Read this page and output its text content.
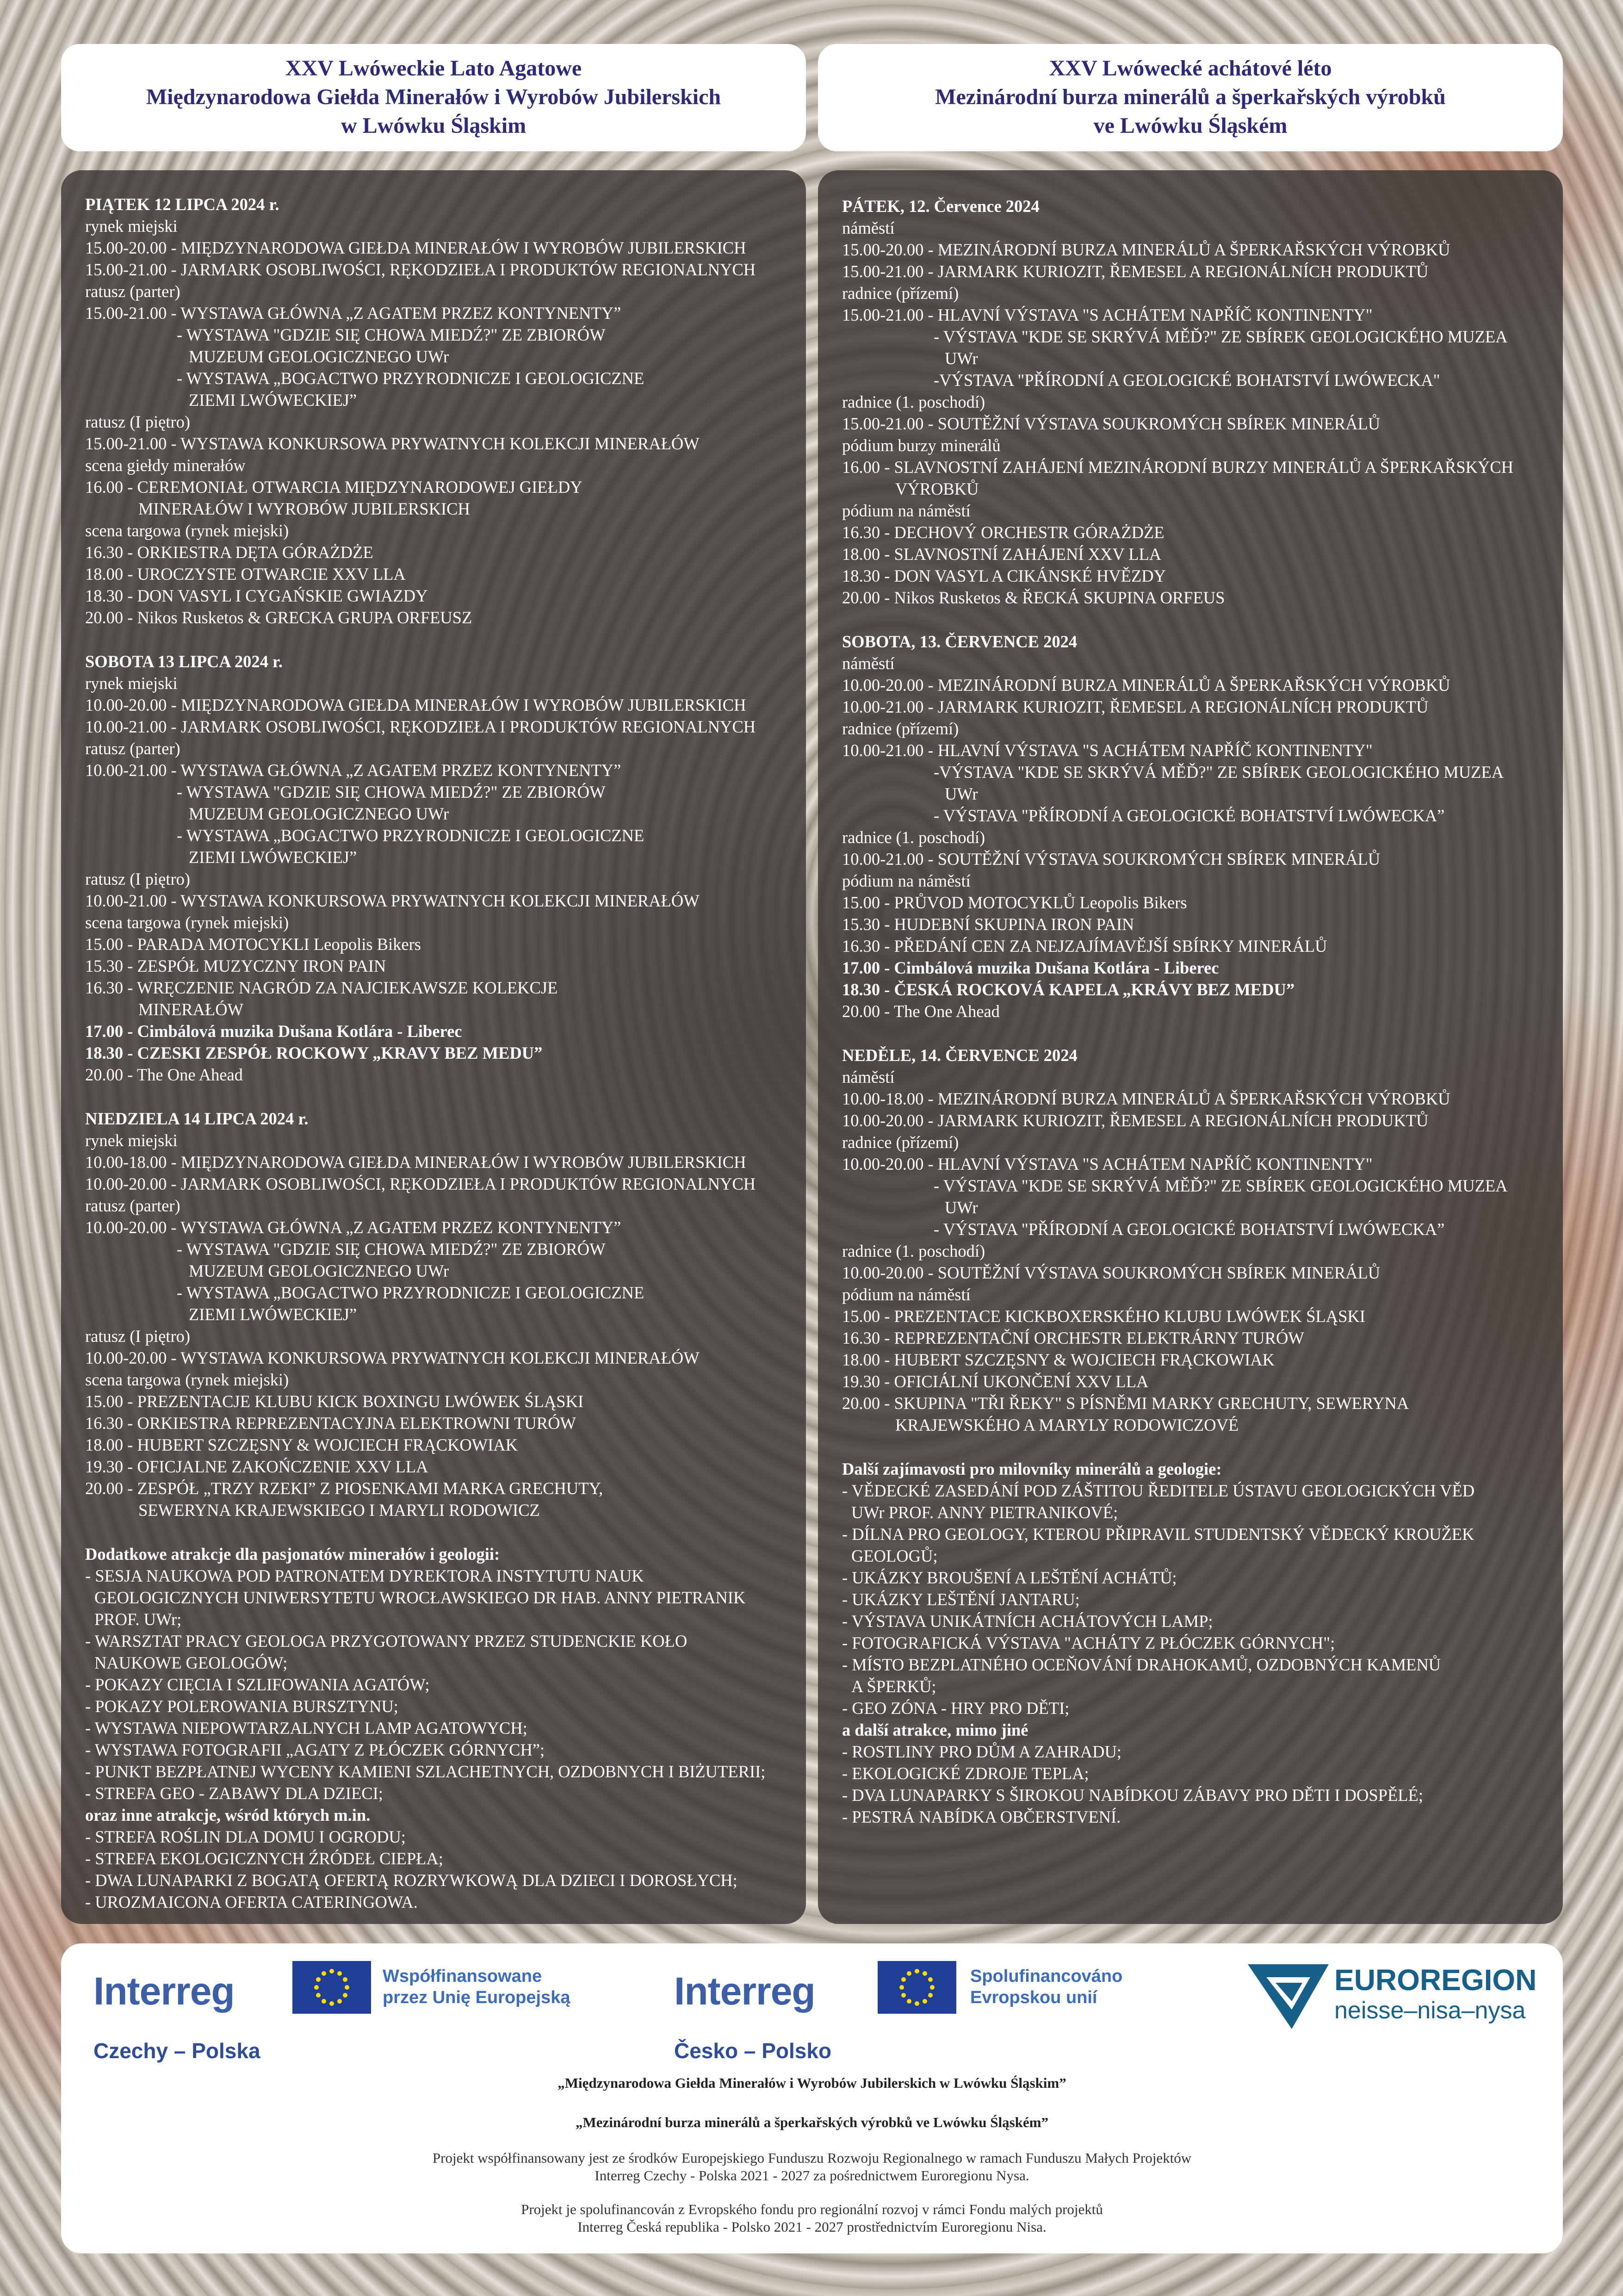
XXV Lwóweckie Lato Agatowe
Międzynarodowa Giełda Minerałów i Wyrobów Jubilerskich
w Lwówku Śląskim
XXV Lwówecké achátové léto
Mezinárodní burza minerálů a šperkařských výrobků
ve Lwówku Śląském
PIĄTEK 12 LIPCA 2024 r.
rynek miejski
15.00-20.00 - MIĘDZYNARODOWA GIEŁDA MINERAŁÓW I WYROBÓW JUBILERSKICH
15.00-21.00 - JARMARK OSOBLIWOŚCI, RĘKODZIEŁA I PRODUKTÓW REGIONALNYCH
ratusz (parter)
15.00-21.00 - WYSTAWA GŁÓWNA „Z AGATEM PRZEZ KONTYNENTY”
- WYSTAWA "GDZIE SIĘ CHOWA MIEDŹ?" ZE ZBIORÓW
MUZEUM GEOLOGICZNEGO UWr
- WYSTAWA „BOGACTWO PRZYRODNICZE I GEOLOGICZNE
ZIEMI LWÓWECKIEJ”
ratusz (I piętro)
15.00-21.00 - WYSTAWA KONKURSOWA PRYWATNYCH KOLEKCJI MINERAŁÓW
scena giełdy minerałów
16.00 - CEREMONIAŁ OTWARCIA MIĘDZYNARODOWEJ GIEŁDY
MINERAŁÓW I WYROBÓW JUBILERSKICH
scena targowa (rynek miejski)
16.30 - ORKIESTRA DĘTA GÓRAŻDŻE
18.00 - UROCZYSTE OTWARCIE XXV LLA
18.30 - DON VASYL I CYGAŃSKIE GWIAZDY
20.00 - Nikos Rusketos & GRECKA GRUPA ORFEUSZ
SOBOTA 13 LIPCA 2024 r.
rynek miejski
10.00-20.00 - MIĘDZYNARODOWA GIEŁDA MINERAŁÓW I WYROBÓW JUBILERSKICH
10.00-21.00 - JARMARK OSOBLIWOŚCI, RĘKODZIEŁA I PRODUKTÓW REGIONALNYCH
ratusz (parter)
10.00-21.00 - WYSTAWA GŁÓWNA „Z AGATEM PRZEZ KONTYNENTY”
- WYSTAWA "GDZIE SIĘ CHOWA MIEDŹ?" ZE ZBIORÓW
MUZEUM GEOLOGICZNEGO UWr
- WYSTAWA „BOGACTWO PRZYRODNICZE I GEOLOGICZNE
ZIEMI LWÓWECKIEJ”
ratusz (I piętro)
10.00-21.00 - WYSTAWA KONKURSOWA PRYWATNYCH KOLEKCJI MINERAŁÓW
scena targowa (rynek miejski)
15.00 - PARADA MOTOCYKLI Leopolis Bikers
15.30 - ZESPÓŁ MUZYCZNY IRON PAIN
16.30 - WRĘCZENIE NAGRÓD ZA NAJCIEKAWSZE KOLEKCJE
MINERAŁÓW
17.00 - Cimbálová muzika Dušana Kotlára - Liberec
18.30 - CZESKI ZESPÓŁ ROCKOWY „KRAVY BEZ MEDU”
20.00 - The One Ahead
NIEDZIELA 14 LIPCA 2024 r.
rynek miejski
10.00-18.00 - MIĘDZYNARODOWA GIEŁDA MINERAŁÓW I WYROBÓW JUBILERSKICH
10.00-20.00 - JARMARK OSOBLIWOŚCI, RĘKODZIEŁA I PRODUKTÓW REGIONALNYCH
ratusz (parter)
10.00-20.00 - WYSTAWA GŁÓWNA „Z AGATEM PRZEZ KONTYNENTY”
- WYSTAWA "GDZIE SIĘ CHOWA MIEDŹ?" ZE ZBIORÓW
MUZEUM GEOLOGICZNEGO UWr
- WYSTAWA „BOGACTWO PRZYRODNICZE I GEOLOGICZNE
ZIEMI LWÓWECKIEJ”
ratusz (I piętro)
10.00-20.00 - WYSTAWA KONKURSOWA PRYWATNYCH KOLEKCJI MINERAŁÓW
scena targowa (rynek miejski)
15.00 - PREZENTACJE KLUBU KICK BOXINGU LWÓWEK ŚLĄSKI
16.30 - ORKIESTRA REPREZENTACYJNA ELEKTROWNI TURÓW
18.00 - HUBERT SZCZĘSNY & WOJCIECH FRĄCKOWIAK
19.30 - OFICJALNE ZAKOŃCZENIE XXV LLA
20.00 - ZESPÓŁ „TRZY RZEKI” Z PIOSENKAMI MARKA GRECHUTY,
SEWERYNA KRAJEWSKIEGO I MARYLI RODOWICZ
Dodatkowe atrakcje dla pasjonatów minerałów i geologii:
- SESJA NAUKOWA POD PATRONATEM DYREKTORA INSTYTUTU NAUK
GEOLOGICZNYCH UNIWERSYTETU WROCŁAWSKIEGO DR HAB. ANNY PIETRANIK
PROF. UWr;
- WARSZTAT PRACY GEOLOGA PRZYGOTOWANY PRZEZ STUDENCKIE KOŁO
NAUKOWE GEOLOGÓW;
- POKAZY CIĘCIA I SZLIFOWANIA AGATÓW;
- POKAZY POLEROWANIA BURSZTYNU;
- WYSTAWA NIEPOWTARZALNYCH LAMP AGATOWYCH;
- WYSTAWA FOTOGRAFII „AGATY Z PŁÓCZEK GÓRNYCH”;
- PUNKT BEZPŁATNEJ WYCENY KAMIENI SZLACHETNYCH, OZDOBNYCH I BIŻUTERII;
- STREFA GEO - ZABAWY DLA DZIECI;
oraz inne atrakcje, wśród których m.in.
- STREFA ROŚLIN DLA DOMU I OGRODU;
- STREFA EKOLOGICZNYCH ŹRÓDEŁ CIEPŁA;
- DWA LUNAPARKI Z BOGATĄ OFERTĄ ROZRYWKOWĄ DLA DZIECI I DOROSŁYCH;
- UROZMAICONA OFERTA CATERINGOWA.
PÁTEK, 12. Července 2024
náměstí
15.00-20.00 - MEZINÁRODNÍ BURZA MINERÁLŮ A ŠPERKAŘSKÝCH VÝROBKŮ
15.00-21.00 - JARMARK KURIOZIT, ŘEMESEL A REGIONÁLNÍCH PRODUKTŮ
radnice (přízemí)
15.00-21.00 - HLAVNÍ VÝSTAVA "S ACHÁTEM NAPŘÍČ KONTINENTY"
- VÝSTAVA "KDE SE SKRÝVÁ MĚĎ?" ZE SBÍREK GEOLOGICKÉHO MUZEA
UWr
-VÝSTAVA "PŘÍRODNÍ A GEOLOGICKÉ BOHATSTVÍ LWÓWECKA"
radnice (1. poschodí)
15.00-21.00 - SOUTĚŽNÍ VÝSTAVA SOUKROMÝCH SBÍREK MINERÁLŮ
pódium burzy minerálů
16.00 - SLAVNOSTNÍ ZAHÁJENÍ MEZINÁRODNÍ BURZY MINERÁLŮ A ŠPERKAŘSKÝCH
VÝROBKŮ
pódium na náměstí
16.30 - DECHOVÝ ORCHESTR GÓRAŻDŻE
18.00 - SLAVNOSTNÍ ZAHÁJENÍ XXV LLA
18.30 - DON VASYL A CIKÁNSKÉ HVĚZDY
20.00 - Nikos Rusketos & ŘECKÁ SKUPINA ORFEUS
SOBOTA, 13. ČERVENCE 2024
náměstí
10.00-20.00 - MEZINÁRODNÍ BURZA MINERÁLŮ A ŠPERKAŘSKÝCH VÝROBKŮ
10.00-21.00 - JARMARK KURIOZIT, ŘEMESEL A REGIONÁLNÍCH PRODUKTŮ
radnice (přízemí)
10.00-21.00 - HLAVNÍ VÝSTAVA "S ACHÁTEM NAPŘÍČ KONTINENTY"
-VÝSTAVA "KDE SE SKRÝVÁ MĚĎ?" ZE SBÍREK GEOLOGICKÉHO MUZEA
UWr
- VÝSTAVA "PŘÍRODNÍ A GEOLOGICKÉ BOHATSTVÍ LWÓWECKA”
radnice (1. poschodí)
10.00-21.00 - SOUTĚŽNÍ VÝSTAVA SOUKROMÝCH SBÍREK MINERÁLŮ
pódium na náměstí
15.00 - PRŮVOD MOTOCYKLŮ Leopolis Bikers
15.30 - HUDEBNÍ SKUPINA IRON PAIN
16.30 - PŘEDÁNÍ CEN ZA NEJZAJÍMAVĚJŠÍ SBÍRKY MINERÁLŮ
17.00 - Cimbálová muzika Dušana Kotlára - Liberec
18.30 - ČESKÁ ROCKOVÁ KAPELA „KRÁVY BEZ MEDU”
20.00 - The One Ahead
NEDĚLE, 14. ČERVENCE 2024
náměstí
10.00-18.00 - MEZINÁRODNÍ BURZA MINERÁLŮ A ŠPERKAŘSKÝCH VÝROBKŮ
10.00-20.00 - JARMARK KURIOZIT, ŘEMESEL A REGIONÁLNÍCH PRODUKTŮ
radnice (přízemí)
10.00-20.00 - HLAVNÍ VÝSTAVA "S ACHÁTEM NAPŘÍČ KONTINENTY"
- VÝSTAVA "KDE SE SKRÝVÁ MĚĎ?" ZE SBÍREK GEOLOGICKÉHO MUZEA
UWr
- VÝSTAVA "PŘÍRODNÍ A GEOLOGICKÉ BOHATSTVÍ LWÓWECKA”
radnice (1. poschodí)
10.00-20.00 - SOUTĚŽNÍ VÝSTAVA SOUKROMÝCH SBÍREK MINERÁLŮ
pódium na náměstí
15.00 - PREZENTACE KICKBOXERSKÉHO KLUBU LWÓWEK ŚLĄSKI
16.30 - REPREZENTAČNÍ ORCHESTR ELEKTRÁRNY TURÓW
18.00 - HUBERT SZCZĘSNY & WOJCIECH FRĄCKOWIAK
19.30 - OFICIÁLNÍ UKONČENÍ XXV LLA
20.00 - SKUPINA "TŘI ŘEKY" S PÍSNĚMI MARKY GRECHUTY, SEWERYNA
KRAJEWSKÉHO A MARYLY RODOWICZOVÉ
Další zajímavosti pro milovníky minerálů a geologie:
- VĚDECKÉ ZASEDÁNÍ POD ZÁŠTITOU ŘEDITELE ÚSTAVU GEOLOGICKÝCH VĚD
UWr PROF. ANNY PIETRANIKOVÉ;
- DÍLNA PRO GEOLOGY, KTEROU PŘIPRAVIL STUDENTSKÝ VĚDECKÝ KROUŽEK
GEOLOGŮ;
- UKÁZKY BROUŠENÍ A LEŠTĚNÍ ACHÁTŮ;
- UKÁZKY LEŠTĚNÍ JANTARU;
- VÝSTAVA UNIKÁTNÍCH ACHÁTOVÝCH LAMP;
- FOTOGRAFICKÁ VÝSTAVA "ACHÁTY Z PŁÓCZEK GÓRNYCH";
- MÍSTO BEZPLATNÉHO OCEŇOVÁNÍ DRAHOKAMŮ, OZDOBNÝCH KAMENŮ
A ŠPERKŮ;
- GEO ZÓNA - HRY PRO DĚTI;
a další atrakce, mimo jiné
- ROSTLINY PRO DŮM A ZAHRADU;
- EKOLOGICKÉ ZDROJE TEPLA;
- DVA LUNAPARKY S ŠIROKOU NABÍDKOU ZÁBAVY PRO DĚTI I DOSPĚLÉ;
- PESTRÁ NABÍDKA OBČERSTVENÍ.
Interreg	Współfinansowane
przez Unię Europejską
Czechy – Polska
Interreg	Spolufinancováno
Evropskou unií
Česko – Polsko
EUROREGION
neisse–nisa–nysa
„Międzynarodowa Giełda Minerałów i Wyrobów Jubilerskich w Lwówku Śląskim”
„Mezinárodní burza minerálů a šperkařských výrobků ve Lwówku Śląském”
Projekt współfinansowany jest ze środków Europejskiego Funduszu Rozwoju Regionalnego w ramach Funduszu Małych Projektów
Interreg Czechy - Polska 2021 - 2027 za pośrednictwem Euroregionu Nysa.
Projekt je spolufinancován z Evropského fondu pro regionální rozvoj v rámci Fondu malých projektů
Interreg Česká republika - Polsko 2021 - 2027 prostřednictvím Euroregionu Nisa.
